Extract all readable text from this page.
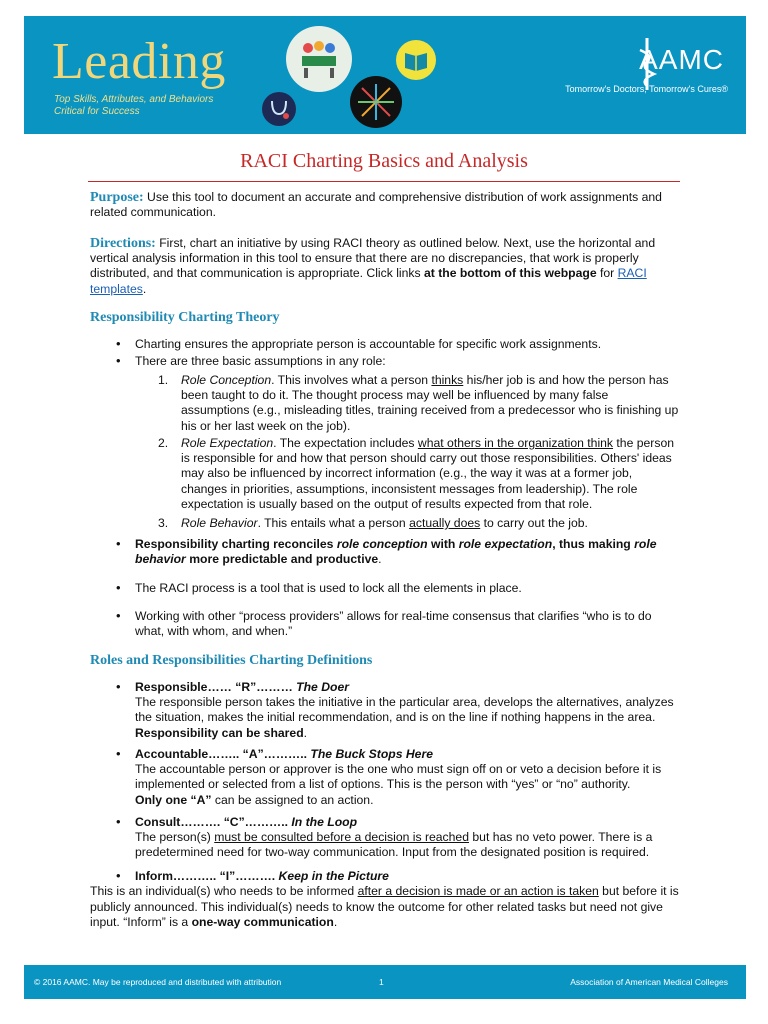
Leading
Top Skills, Attributes, and Behaviors
Critical for Success
AAMC
Tomorrow's Doctors, Tomorrow's Cures®
RACI Charting Basics and Analysis
Purpose: Use this tool to document an accurate and comprehensive distribution of work assignments and related communication.
Directions: First, chart an initiative by using RACI theory as outlined below. Next, use the horizontal and vertical analysis information in this tool to ensure that there are no discrepancies, that work is properly distributed, and that communication is appropriate. Click links at the bottom of this webpage for RACI templates.
Responsibility Charting Theory
• Charting ensures the appropriate person is accountable for specific work assignments.
• There are three basic assumptions in any role:
1. Role Conception. This involves what a person thinks his/her job is and how the person has been taught to do it. The thought process may well be influenced by many false assumptions (e.g., misleading titles, training received from a predecessor who is finishing up his or her last week on the job).
2. Role Expectation. The expectation includes what others in the organization think the person is responsible for and how that person should carry out those responsibilities. Others' ideas may also be influenced by incorrect information (e.g., the way it was at a former job, changes in priorities, assumptions, inconsistent messages from leadership). The role expectation is usually based on the output of results expected from that role.
3. Role Behavior. This entails what a person actually does to carry out the job.
• Responsibility charting reconciles role conception with role expectation, thus making role behavior more predictable and productive.
• The RACI process is a tool that is used to lock all the elements in place.
• Working with other “process providers” allows for real-time consensus that clarifies “who is to do what, with whom, and when.”
Roles and Responsibilities Charting Definitions
• Responsible…… “R”……… The Doer
The responsible person takes the initiative in the particular area, develops the alternatives, analyzes the situation, makes the initial recommendation, and is on the line if nothing happens in the area. Responsibility can be shared.
• Accountable…….. “A”……….. The Buck Stops Here
The accountable person or approver is the one who must sign off on or veto a decision before it is implemented or selected from a list of options. This is the person with “yes” or “no” authority.
Only one “A” can be assigned to an action.
• Consult………. “C”……….. In the Loop
The person(s) must be consulted before a decision is reached but has no veto power. There is a predetermined need for two-way communication. Input from the designated position is required.
• Inform……….. “I”………. Keep in the Picture
This is an individual(s) who needs to be informed after a decision is made or an action is taken but before it is publicly announced. This individual(s) needs to know the outcome for other related tasks but need not give input. “Inform” is a one-way communication.
© 2016 AAMC. May be reproduced and distributed with attribution	1	Association of American Medical Colleges
